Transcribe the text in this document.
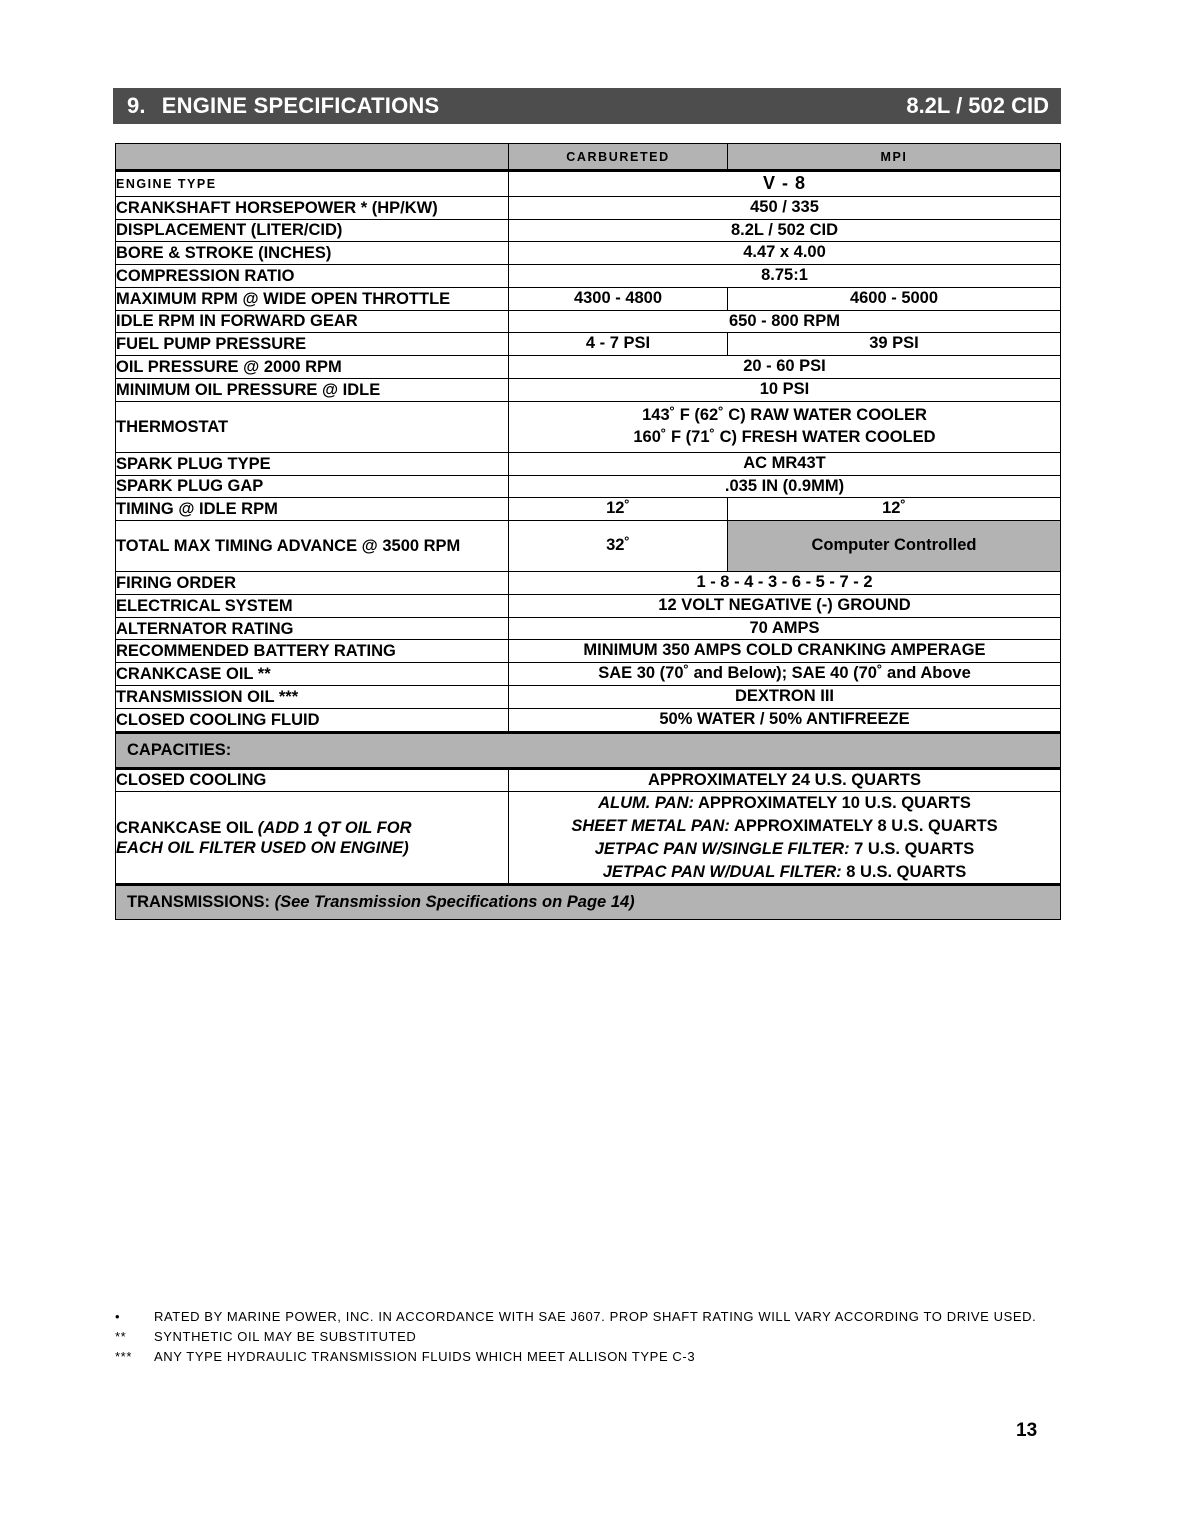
9. ENGINE SPECIFICATIONS	8.2L / 502 CID
	CARBURETED	MPI
ENGINE TYPE	V - 8	
CRANKSHAFT HORSEPOWER * (HP/KW)	450 / 335	
DISPLACEMENT (LITER/CID)	8.2L / 502 CID	
BORE & STROKE (INCHES)	4.47 x 4.00	
COMPRESSION RATIO	8.75:1	
MAXIMUM RPM @ WIDE OPEN THROTTLE	4300 - 4800	4600 - 5000
IDLE RPM IN FORWARD GEAR	650 - 800 RPM	
FUEL PUMP PRESSURE	4 - 7 PSI	39 PSI
OIL PRESSURE @ 2000 RPM	20 - 60 PSI	
MINIMUM OIL PRESSURE @ IDLE	10 PSI	
THERMOSTAT	143˚ F (62˚ C) RAW WATER COOLER
160˚ F (71˚ C) FRESH WATER COOLED	

SPARK PLUG TYPE	AC MR43T	
SPARK PLUG GAP	.035 IN (0.9MM)	
TIMING @ IDLE RPM	12˚	12˚
TOTAL MAX TIMING ADVANCE @ 3500 RPM	32˚	Computer Controlled
FIRING ORDER	1 - 8 - 4 - 3 - 6 - 5 - 7 - 2	
ELECTRICAL SYSTEM	12 VOLT NEGATIVE (-) GROUND	
ALTERNATOR RATING	70 AMPS	
RECOMMENDED BATTERY RATING	MINIMUM 350 AMPS COLD CRANKING AMPERAGE	
CRANKCASE OIL **	SAE 30 (70˚ and Below); SAE 40 (70˚ and Above	
TRANSMISSION OIL ***	DEXTRON III	
CLOSED COOLING FLUID	50% WATER / 50% ANTIFREEZE	
CAPACITIES:		
CLOSED COOLING	APPROXIMATELY 24 U.S. QUARTS	
CRANKCASE OIL (ADD 1 QT OIL FOR
EACH OIL FILTER USED ON ENGINE)	
ALUM. PAN: APPROXIMATELY 10 U.S. QUARTS
SHEET METAL PAN: APPROXIMATELY 8 U.S. QUARTS
JETPAC PAN W/SINGLE FILTER: 7 U.S. QUARTS
JETPAC PAN W/DUAL FILTER: 8 U.S. QUARTS

TRANSMISSIONS: (See Transmission Specifications on Page 14)		
•	RATED BY MARINE POWER, INC. IN ACCORDANCE WITH SAE J607. PROP SHAFT RATING WILL VARY ACCORDING TO DRIVE USED.
**	SYNTHETIC OIL MAY BE SUBSTITUTED
***	ANY TYPE HYDRAULIC TRANSMISSION FLUIDS WHICH MEET ALLISON TYPE C-3
13
